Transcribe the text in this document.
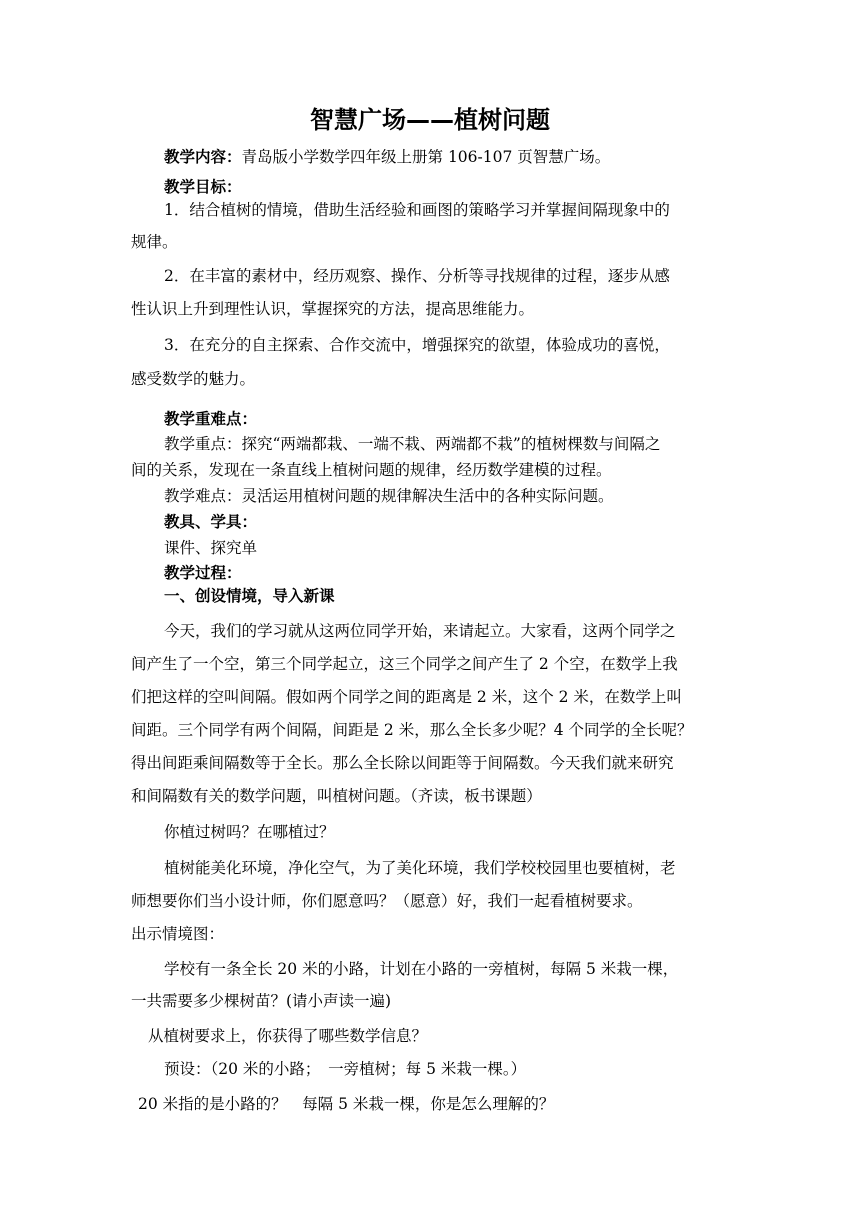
智慧广场——植树问题
教学内容：青岛版小学数学四年级上册第 106-107 页智慧广场。
教学目标：
1．结合植树的情境，借助生活经验和画图的策略学习并掌握间隔现象中的
规律。
2．在丰富的素材中，经历观察、操作、分析等寻找规律的过程，逐步从感
性认识上升到理性认识，掌握探究的方法，提高思维能力。
3．在充分的自主探索、合作交流中，增强探究的欲望，体验成功的喜悦，
感受数学的魅力。
教学重难点：
教学重点：探究“两端都栽、一端不栽、两端都不栽”的植树棵数与间隔之
间的关系，发现在一条直线上植树问题的规律，经历数学建模的过程。
教学难点：灵活运用植树问题的规律解决生活中的各种实际问题。
教具、学具：
课件、探究单
教学过程：
一、创设情境，导入新课
今天，我们的学习就从这两位同学开始，来请起立。大家看，这两个同学之
间产生了一个空，第三个同学起立，这三个同学之间产生了 2 个空，在数学上我
们把这样的空叫间隔。假如两个同学之间的距离是 2 米，这个 2 米，在数学上叫
间距。三个同学有两个间隔，间距是 2 米，那么全长多少呢？4 个同学的全长呢？
得出间距乘间隔数等于全长。那么全长除以间距等于间隔数。今天我们就来研究
和间隔数有关的数学问题，叫植树问题。（齐读，板书课题）
你植过树吗？在哪植过？
植树能美化环境，净化空气，为了美化环境，我们学校校园里也要植树，老
师想要你们当小设计师，你们愿意吗？（愿意）好，我们一起看植树要求。
出示情境图：
学校有一条全长 20 米的小路，计划在小路的一旁植树，每隔 5 米栽一棵，
一共需要多少棵树苗？(请小声读一遍)
从植树要求上，你获得了哪些数学信息？
预设：（20 米的小路；　一旁植树；每 5 米栽一棵。）
20 米指的是小路的？　每隔 5 米栽一棵，你是怎么理解的？
